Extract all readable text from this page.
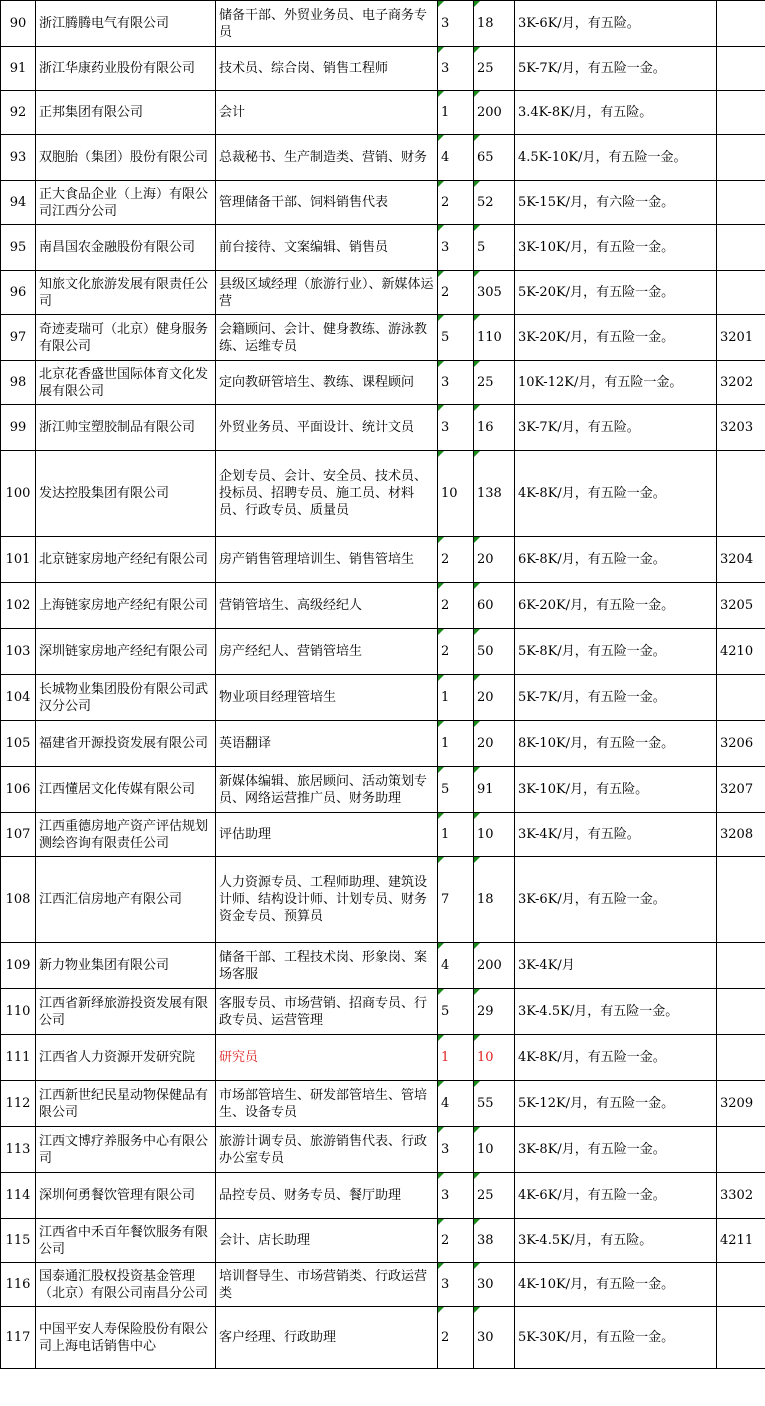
90	浙江腾腾电气有限公司	储备干部、外贸业务员、电子商务专员	3	18	3K-6K/月，有五险。	
91	浙江华康药业股份有限公司	技术员、综合岗、销售工程师	3	25	5K-7K/月，有五险一金。	
92	正邦集团有限公司	会计	1	200	3.4K-8K/月，有五险。	
93	双胞胎（集团）股份有限公司	总裁秘书、生产制造类、营销、财务	4	65	4.5K-10K/月，有五险一金。	
94	正大食品企业（上海）有限公司江西分公司	管理储备干部、饲料销售代表	2	52	5K-15K/月，有六险一金。	
95	南昌国农金融股份有限公司	前台接待、文案编辑、销售员	3	5	3K-10K/月，有五险一金。	
96	知旅文化旅游发展有限责任公司	县级区域经理（旅游行业）、新媒体运营	2	305	5K-20K/月，有五险一金。	
97	奇迹麦瑞可（北京）健身服务有限公司	会籍顾问、会计、健身教练、游泳教练、运维专员	5	110	3K-20K/月，有五险一金。	3201
98	北京花香盛世国际体育文化发展有限公司	定向教研管培生、教练、课程顾问	3	25	10K-12K/月，有五险一金。	3202
99	浙江帅宝塑胶制品有限公司	外贸业务员、平面设计、统计文员	3	16	3K-7K/月，有五险。	3203
100	发达控股集团有限公司	企划专员、会计、安全员、技术员、投标员、招聘专员、施工员、材料员、行政专员、质量员	10	138	4K-8K/月，有五险一金。	
101	北京链家房地产经纪有限公司	房产销售管理培训生、销售管培生	2	20	6K-8K/月，有五险一金。	3204
102	上海链家房地产经纪有限公司	营销管培生、高级经纪人	2	60	6K-20K/月，有五险一金。	3205
103	深圳链家房地产经纪有限公司	房产经纪人、营销管培生	2	50	5K-8K/月，有五险一金。	4210
104	长城物业集团股份有限公司武汉分公司	物业项目经理管培生	1	20	5K-7K/月，有五险一金。	
105	福建省开源投资发展有限公司	英语翻译	1	20	8K-10K/月，有五险一金。	3206
106	江西懂居文化传媒有限公司	新媒体编辑、旅居顾问、活动策划专员、网络运营推广员、财务助理	5	91	3K-10K/月，有五险。	3207
107	江西重德房地产资产评估规划测绘咨询有限责任公司	评估助理	1	10	3K-4K/月，有五险。	3208
108	江西汇信房地产有限公司	人力资源专员、工程师助理、建筑设计师、结构设计师、计划专员、财务资金专员、预算员	7	18	3K-6K/月，有五险一金。	
109	新力物业集团有限公司	储备干部、工程技术岗、形象岗、案场客服	4	200	3K-4K/月	
110	江西省新绎旅游投资发展有限公司	客服专员、市场营销、招商专员、行政专员、运营管理	5	29	3K-4.5K/月，有五险一金。	
111	江西省人力资源开发研究院	研究员	1	10	4K-8K/月，有五险一金。	
112	江西新世纪民星动物保健品有限公司	市场部管培生、研发部管培生、管培生、设备专员	4	55	5K-12K/月，有五险一金。	3209
113	江西文博疗养服务中心有限公司	旅游计调专员、旅游销售代表、行政办公室专员	3	10	3K-8K/月，有五险一金。	
114	深圳何勇餐饮管理有限公司	品控专员、财务专员、餐厅助理	3	25	4K-6K/月，有五险一金。	3302
115	江西省中禾百年餐饮服务有限公司	会计、店长助理	2	38	3K-4.5K/月，有五险。	4211
116	国泰通汇股权投资基金管理（北京）有限公司南昌分公司	培训督导生、市场营销类、行政运营类	3	30	4K-10K/月，有五险一金。	
117	中国平安人寿保险股份有限公司上海电话销售中心	客户经理、行政助理	2	30	5K-30K/月，有五险一金。	
